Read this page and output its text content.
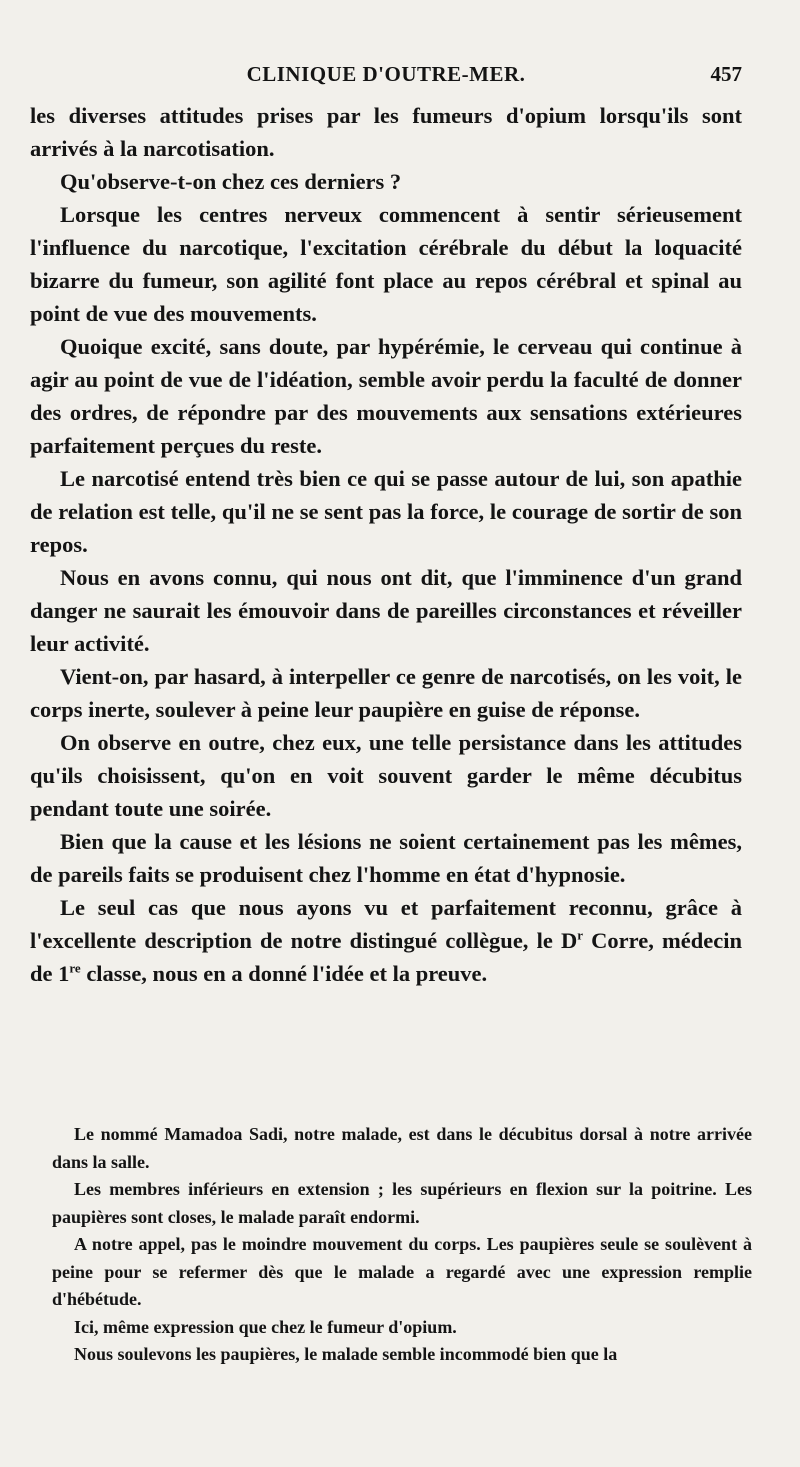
CLINIQUE D'OUTRE-MER.	457

les diverses attitudes prises par les fumeurs d'opium lorsqu'ils sont arrivés à la narcotisation.

Qu'observe-t-on chez ces derniers ?

Lorsque les centres nerveux commencent à sentir sérieusement l'influence du narcotique, l'excitation cérébrale du début la loquacité bizarre du fumeur, son agilité font place au repos cérébral et spinal au point de vue des mouvements.

Quoique excité, sans doute, par hypérémie, le cerveau qui continue à agir au point de vue de l'idéation, semble avoir perdu la faculté de donner des ordres, de répondre par des mouvements aux sensations extérieures parfaitement perçues du reste.

Le narcotisé entend très bien ce qui se passe autour de lui, son apathie de relation est telle, qu'il ne se sent pas la force, le courage de sortir de son repos.

Nous en avons connu, qui nous ont dit, que l'imminence d'un grand danger ne saurait les émouvoir dans de pareilles circonstances et réveiller leur activité.

Vient-on, par hasard, à interpeller ce genre de narcotisés, on les voit, le corps inerte, soulever à peine leur paupière en guise de réponse.

On observe en outre, chez eux, une telle persistance dans les attitudes qu'ils choisissent, qu'on en voit souvent garder le même décubitus pendant toute une soirée.

Bien que la cause et les lésions ne soient certainement pas les mêmes, de pareils faits se produisent chez l'homme en état d'hypnosie.

Le seul cas que nous ayons vu et parfaitement reconnu, grâce à l'excellente description de notre distingué collègue, le $D^r$ Corre, médecin de 1re classe, nous en a donné l'idée et la preuve.

Le nommé Mamadoa Sadi, notre malade, est dans le décubitus dorsal à notre arrivée dans la salle.

Les membres inférieurs en extension ; les supérieurs en flexion sur la poitrine. Les paupières sont closes, le malade paraît endormi.

A notre appel, pas le moindre mouvement du corps. Les paupières seule se soulèvent à peine pour se refermer dès que le malade a regardé avec une expression remplie d'hébétude.

Ici, même expression que chez le fumeur d'opium.

Nous soulevons les paupières, le malade semble incommodé bien que la
